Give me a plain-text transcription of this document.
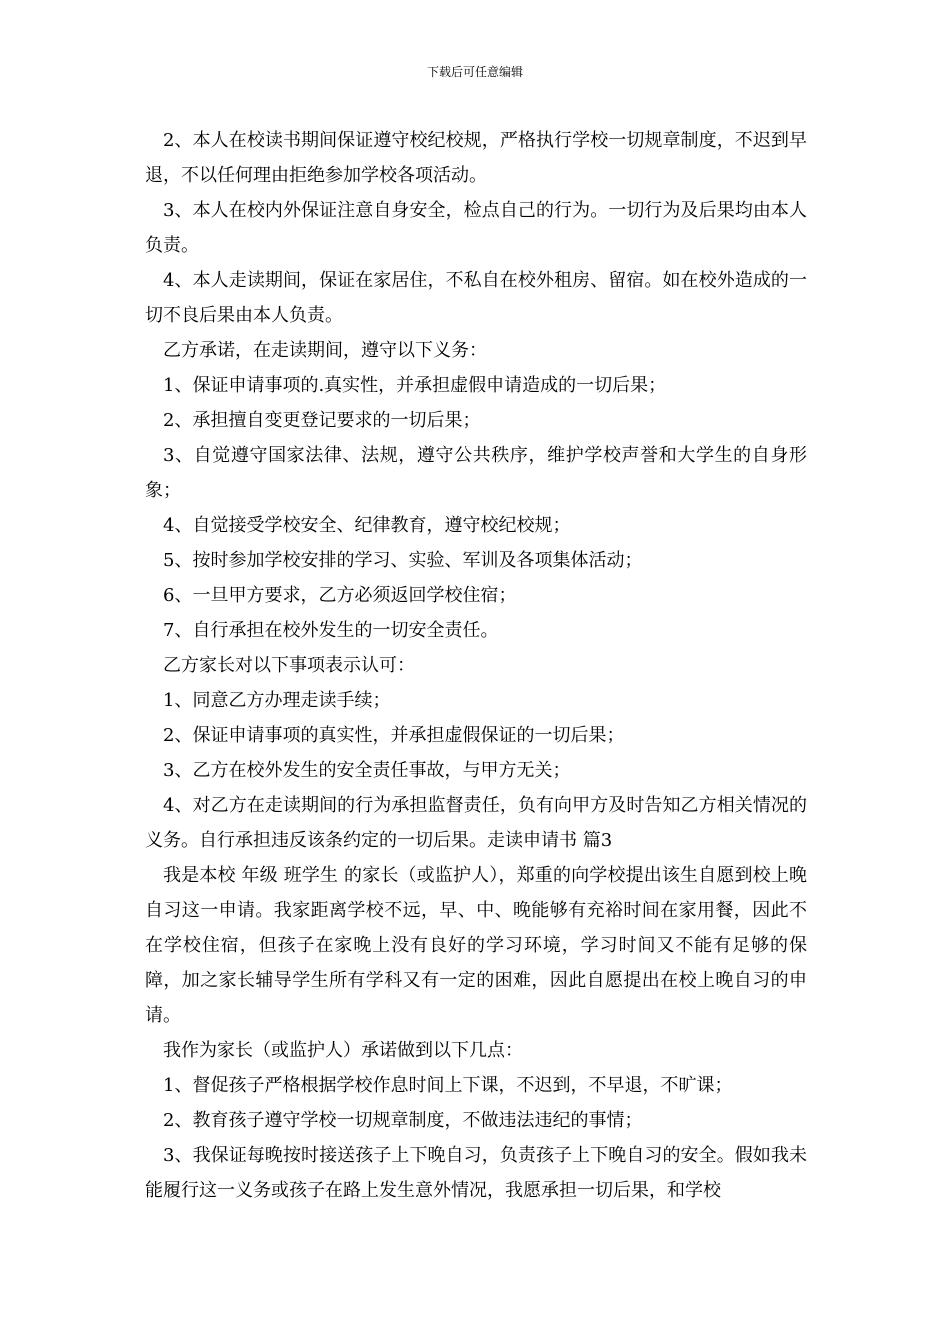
下载后可任意编辑

2、本人在校读书期间保证遵守校纪校规，严格执行学校一切规章制度，不迟到早退，不以任何理由拒绝参加学校各项活动。

3、本人在校内外保证注意自身安全，检点自己的行为。一切行为及后果均由本人负责。

4、本人走读期间，保证在家居住，不私自在校外租房、留宿。如在校外造成的一切不良后果由本人负责。

乙方承诺，在走读期间，遵守以下义务：

1、保证申请事项的.真实性，并承担虚假申请造成的一切后果；

2、承担擅自变更登记要求的一切后果；

3、自觉遵守国家法律、法规，遵守公共秩序，维护学校声誉和大学生的自身形象；

4、自觉接受学校安全、纪律教育，遵守校纪校规；

5、按时参加学校安排的学习、实验、军训及各项集体活动；

6、一旦甲方要求，乙方必须返回学校住宿；

7、自行承担在校外发生的一切安全责任。

乙方家长对以下事项表示认可：

1、同意乙方办理走读手续；

2、保证申请事项的真实性，并承担虚假保证的一切后果；

3、乙方在校外发生的安全责任事故，与甲方无关；

4、对乙方在走读期间的行为承担监督责任，负有向甲方及时告知乙方相关情况的义务。自行承担违反该条约定的一切后果。走读申请书 篇3

我是本校 年级 班学生 的家长（或监护人），郑重的向学校提出该生自愿到校上晚自习这一申请。我家距离学校不远，早、中、晚能够有充裕时间在家用餐，因此不在学校住宿，但孩子在家晚上没有良好的学习环境，学习时间又不能有足够的保障，加之家长辅导学生所有学科又有一定的困难，因此自愿提出在校上晚自习的申请。

我作为家长（或监护人）承诺做到以下几点：

1、督促孩子严格根据学校作息时间上下课，不迟到，不早退，不旷课；

2、教育孩子遵守学校一切规章制度，不做违法违纪的事情；

3、我保证每晚按时接送孩子上下晚自习，负责孩子上下晚自习的安全。假如我未能履行这一义务或孩子在路上发生意外情况，我愿承担一切后果，和学校
